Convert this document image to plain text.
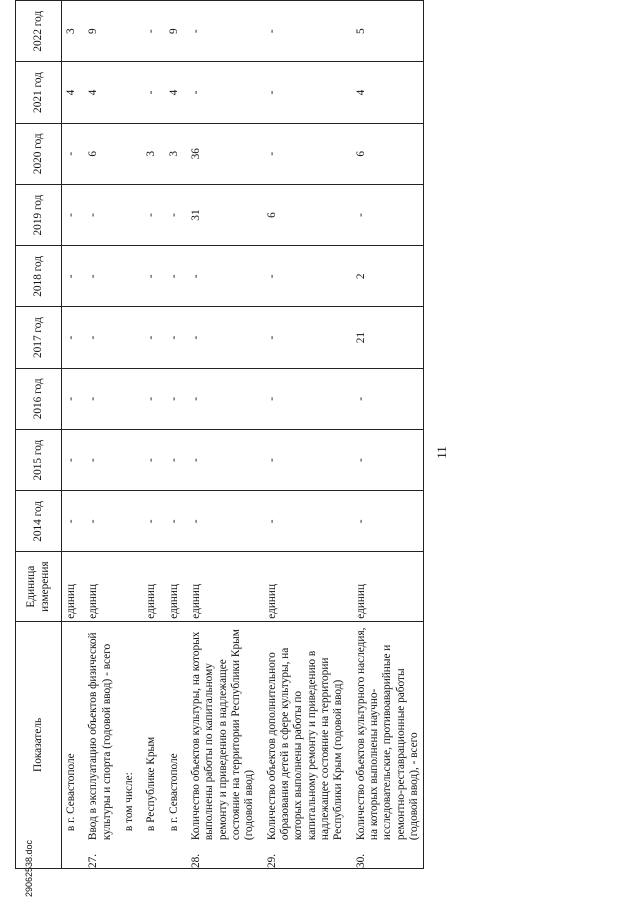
11
29062538.doc
Показатель		Единица измерения	2014 год	2015 год	2016 год	2017 год	2018 год	2019 год	2020 год	2021 год	2022 год
	в г. Севастополе	единиц	-	-	-	-	-	-	-	4	3
27.	Ввод в эксплуатацию объектов физической культуры и спорта (годовой ввод) - всего	единиц	-	-	-	-	-	-	6	4	9
	в том числе:										
	в Республике Крым	единиц	-	-	-	-	-	-	3	-	-
	в г. Севастополе	единиц	-	-	-	-	-	-	3	4	9
28.	Количество объектов культуры, на которых выполнены работы по капитальному ремонту и приведению в надлежащее состояние на территории Республики Крым (годовой ввод)	единиц	-	-	-	-	-	31	36	-	-
29.	Количество объектов дополнительного образования детей в сфере культуры, на которых выполнены работы по капитальному ремонту и приведению в надлежащее состояние на территории Республики Крым (годовой ввод)	единиц	-	-	-	-	-	6	-	-	-
30.	Количество объектов культурного наследия, на которых выполнены научно-исследовательские, противоаварийные и ремонтно-реставрационные работы (годовой ввод), - всего	единиц	-	-	-	21	2	-	6	4	5
